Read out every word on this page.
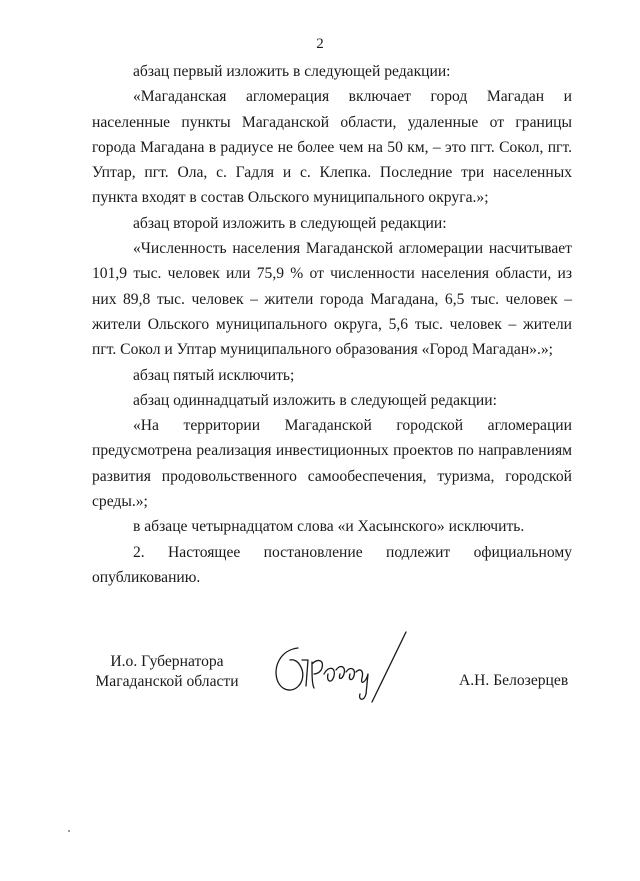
2

абзац первый изложить в следующей редакции:

«Магаданская агломерация включает город Магадан и населенные пункты Магаданской области, удаленные от границы города Магадана в радиусе не более чем на 50 км, – это пгт. Сокол, пгт. Уптар, пгт. Ола, с. Гадля и с. Клепка. Последние три населенных пункта входят в состав Ольского муниципального округа.»;

абзац второй изложить в следующей редакции:

«Численность населения Магаданской агломерации насчитывает 101,9 тыс. человек или 75,9 % от численности населения области, из них 89,8 тыс. человек – жители города Магадана, 6,5 тыс. человек – жители Ольского муниципального округа, 5,6 тыс. человек – жители пгт. Сокол и Уптар муниципального образования «Город Магадан».»;

абзац пятый исключить;

абзац одиннадцатый изложить в следующей редакции:

«На территории Магаданской городской агломерации предусмотрена реализация инвестиционных проектов по направлениям развития продовольственного самообеспечения, туризма, городской среды.»;

в абзаце четырнадцатом слова «и Хасынского» исключить.

2. Настоящее постановление подлежит официальному опубликованию.

И.о. Губернатора
Магаданской области	А.Н. Белозерцев
